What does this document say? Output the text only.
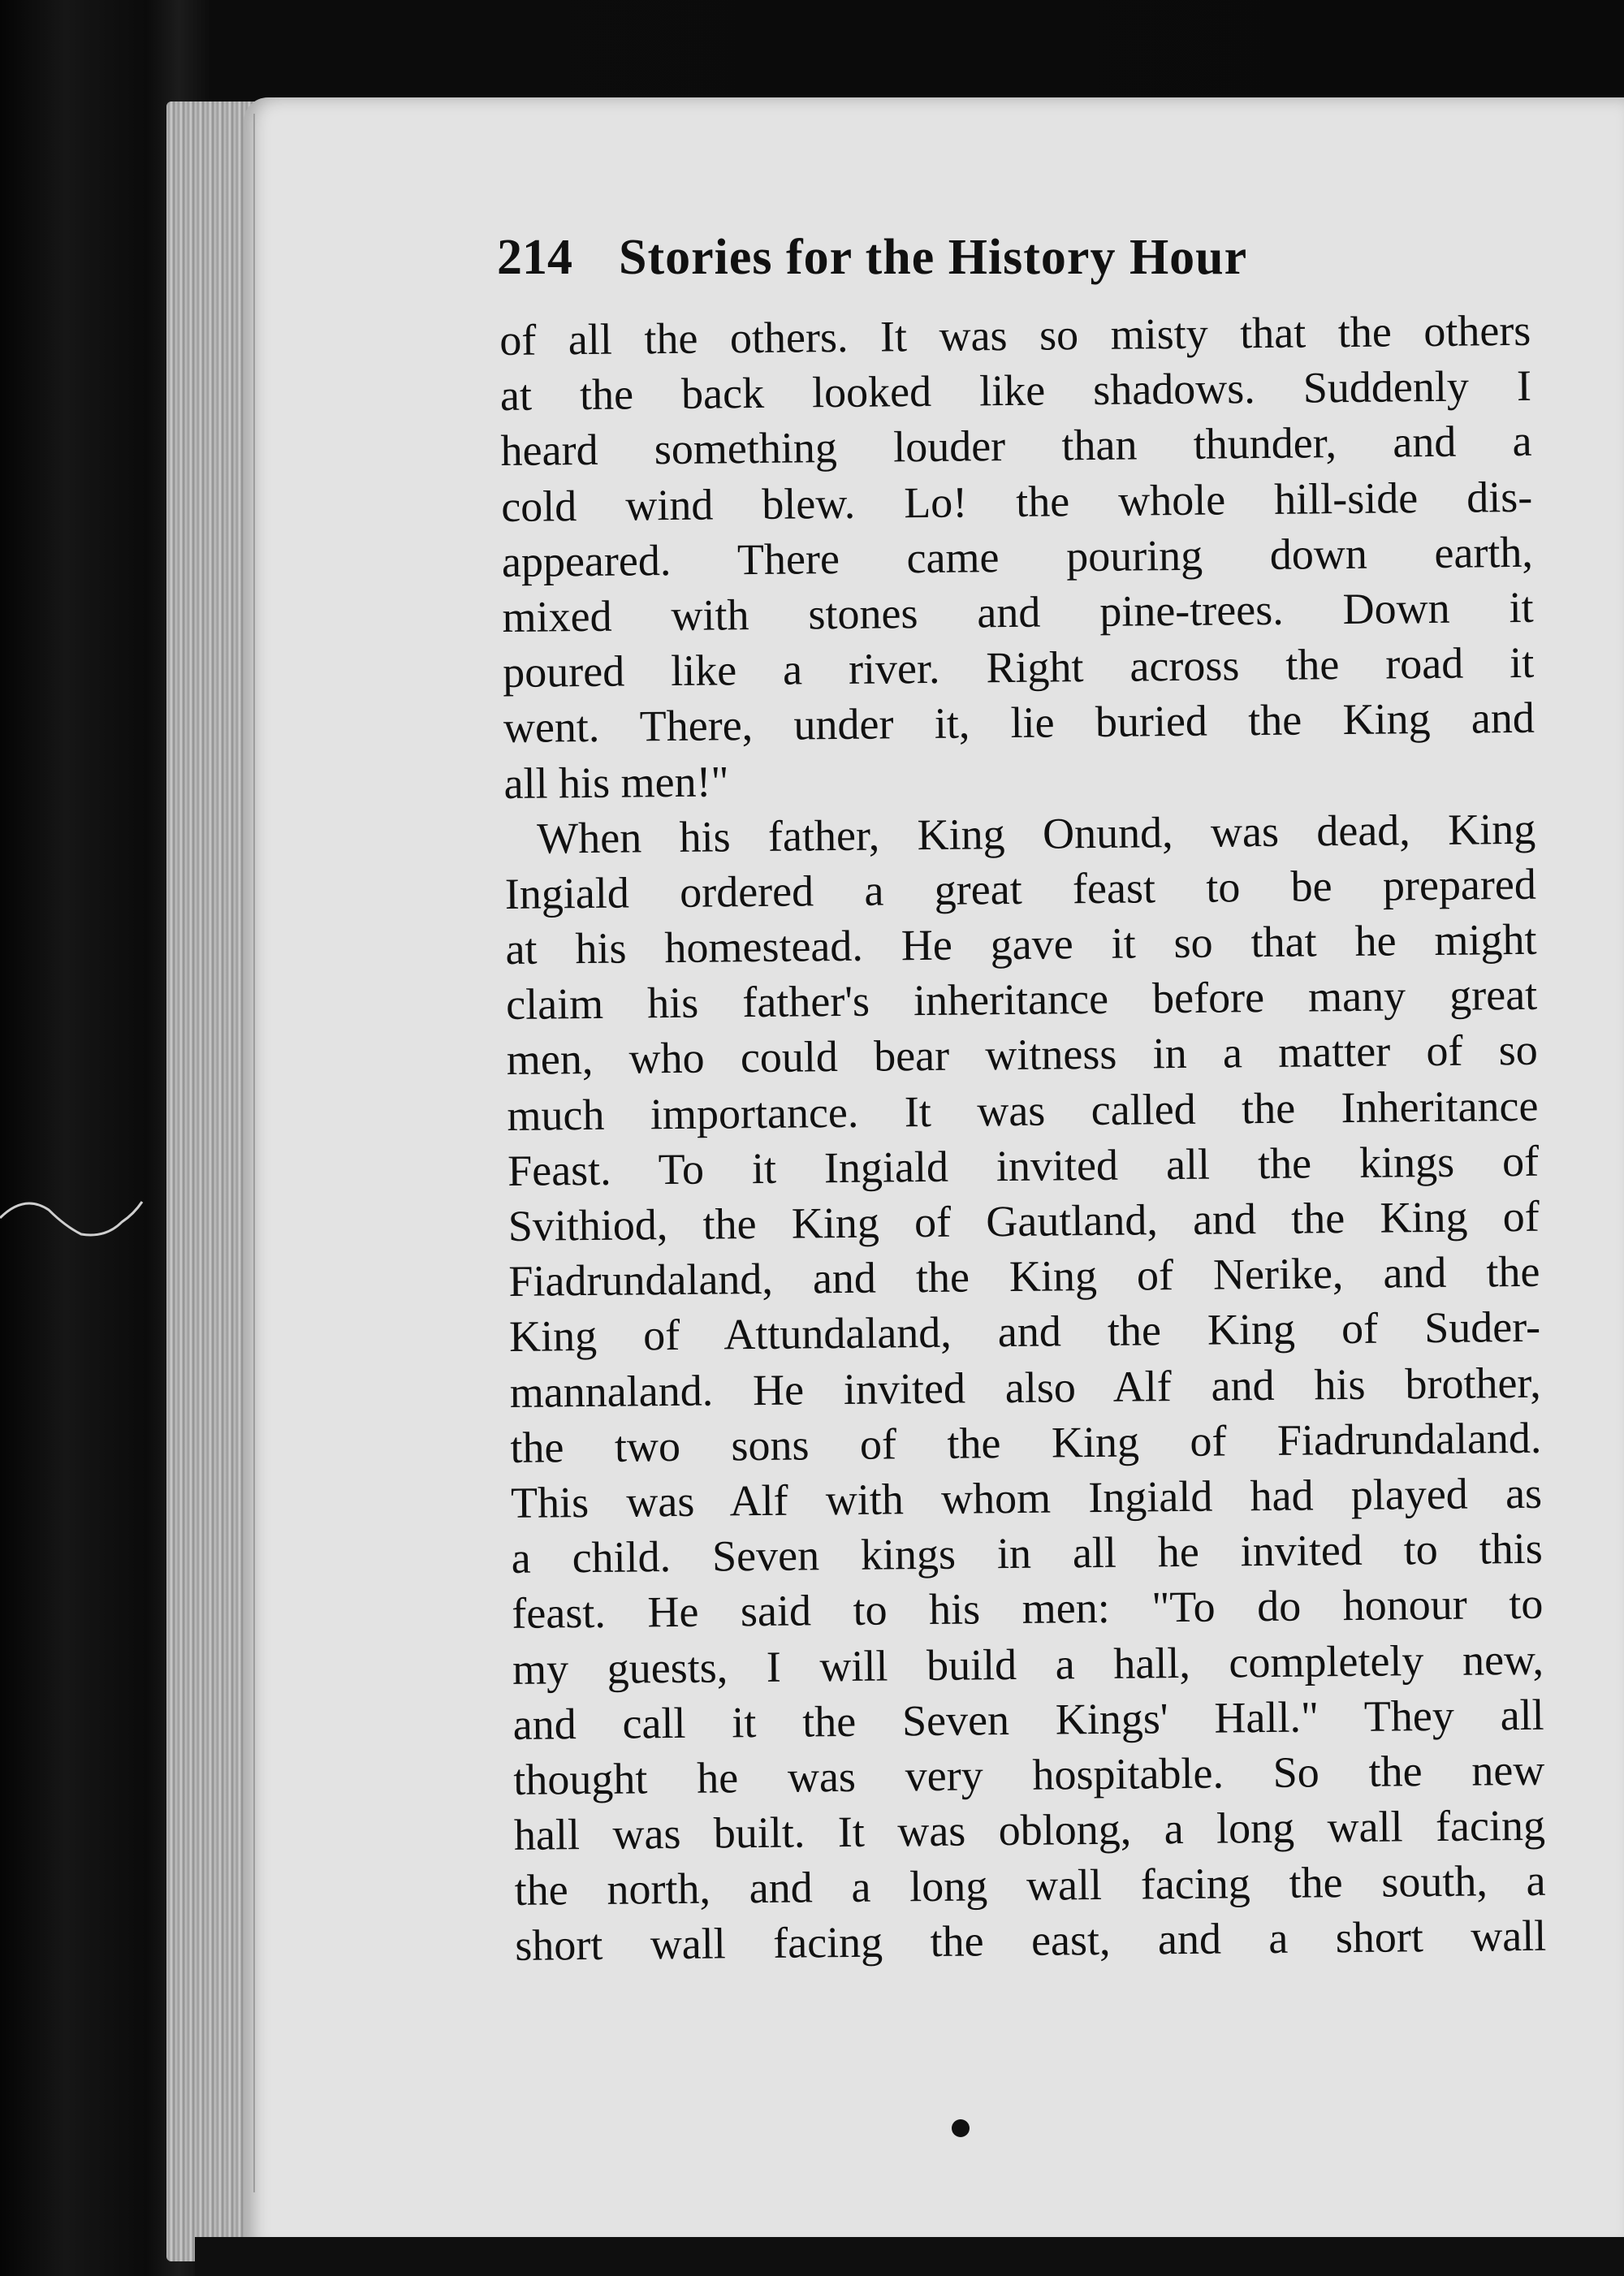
214 Stories for the History Hour
of all the others. It was so misty that the others
at the back looked like shadows. Suddenly I
heard something louder than thunder, and a
cold wind blew. Lo! the whole hill-side dis-
appeared. There came pouring down earth,
mixed with stones and pine-trees. Down it
poured like a river. Right across the road it
went. There, under it, lie buried the King and
all his men!"
When his father, King Onund, was dead, King
Ingiald ordered a great feast to be prepared
at his homestead. He gave it so that he might
claim his father's inheritance before many great
men, who could bear witness in a matter of so
much importance. It was called the Inheritance
Feast. To it Ingiald invited all the kings of
Svithiod, the King of Gautland, and the King of
Fiadrundaland, and the King of Nerike, and the
King of Attundaland, and the King of Suder-
mannaland. He invited also Alf and his brother,
the two sons of the King of Fiadrundaland.
This was Alf with whom Ingiald had played as
a child. Seven kings in all he invited to this
feast. He said to his men: "To do honour to
my guests, I will build a hall, completely new,
and call it the Seven Kings' Hall." They all
thought he was very hospitable. So the new
hall was built. It was oblong, a long wall facing
the north, and a long wall facing the south, a
short wall facing the east, and a short wall
